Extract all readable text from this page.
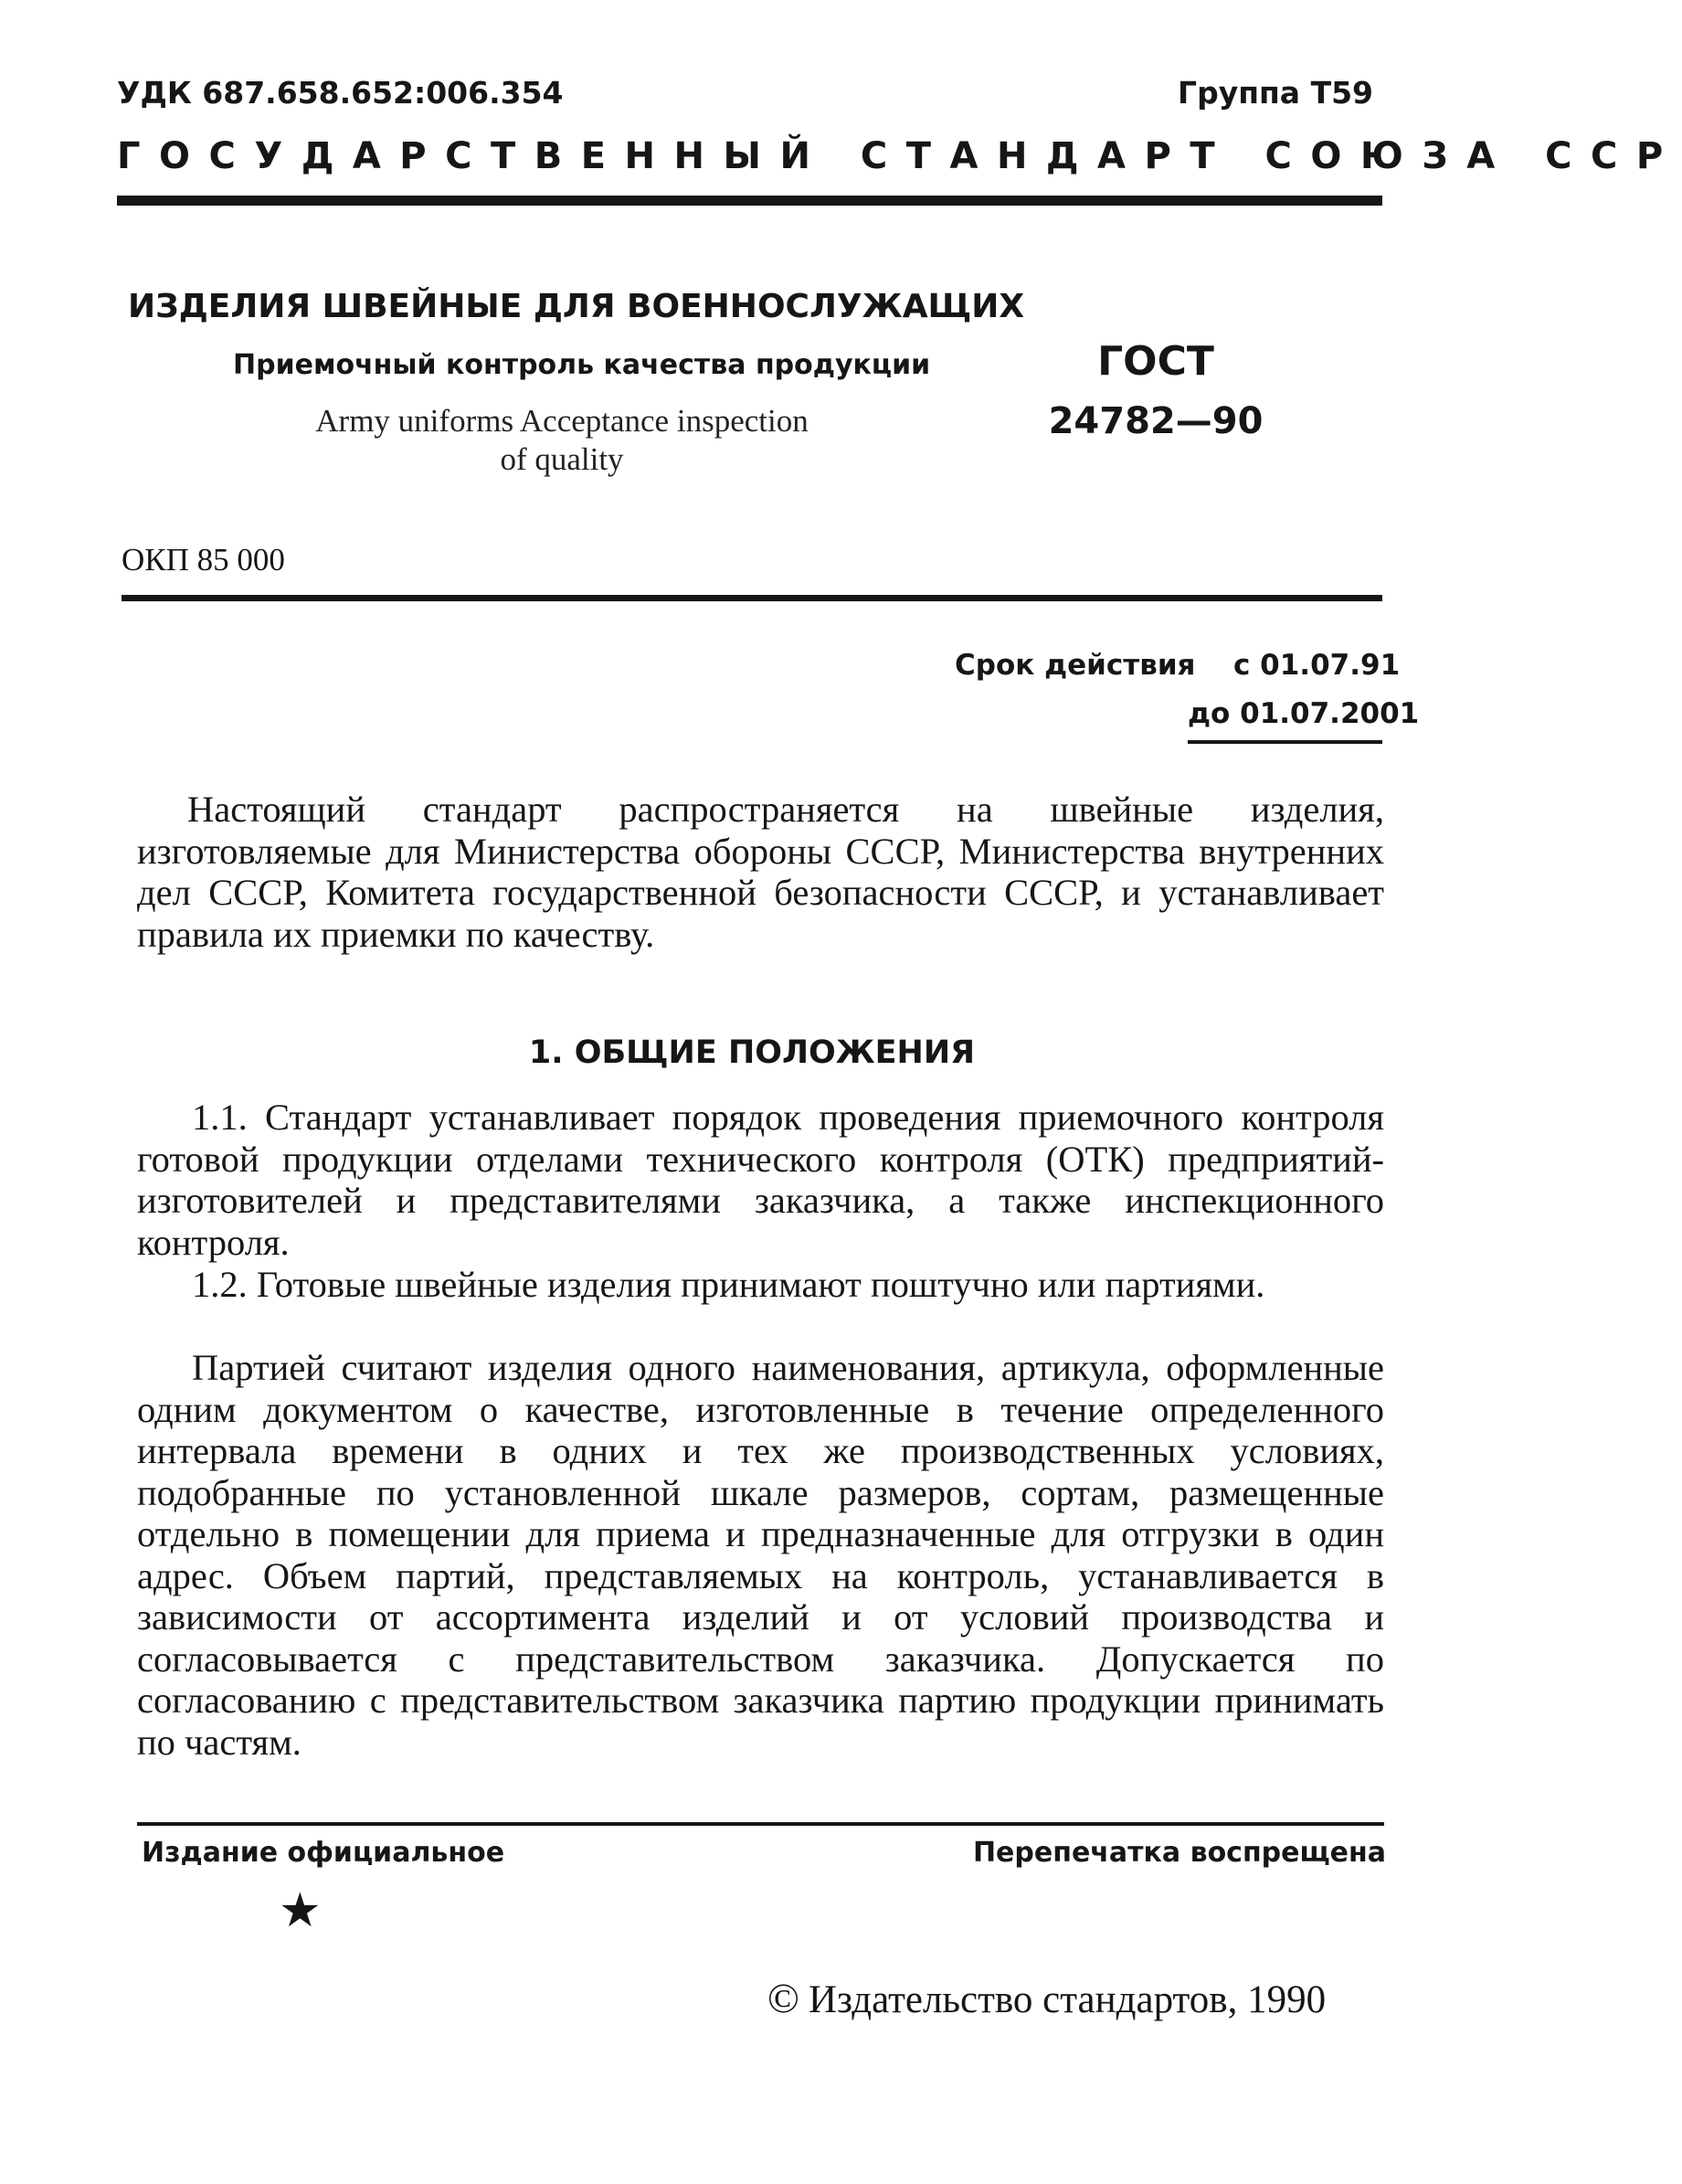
УДК 687.658.652:006.354	Группа Т59
ГОСУДАРСТВЕННЫЙ СТАНДАРТ СОЮЗА ССР
ИЗДЕЛИЯ ШВЕЙНЫЕ ДЛЯ ВОЕННОСЛУЖАЩИХ
Приемочный контроль качества продукции
Army uniforms Acceptance inspection
of quality
ГОСТ
24782—90
ОКП 85 000
Срок действия с 01.07.91
до 01.07.2001
Настоящий стандарт распространяется на швейные изделия, изготовляемые для Министерства обороны СССР, Министерства внутренних дел СССР, Комитета государственной безопасности СССР, и устанавливает правила их приемки по качеству.
1. ОБЩИЕ ПОЛОЖЕНИЯ
1.1. Стандарт устанавливает порядок проведения приемочного контроля готовой продукции отделами технического контроля (ОТК) предприятий-изготовителей и представителями заказчика, а также инспекционного контроля.
1.2. Готовые швейные изделия принимают поштучно или партиями.
Партией считают изделия одного наименования, артикула, оформленные одним документом о качестве, изготовленные в течение определенного интервала времени в одних и тех же производственных условиях, подобранные по установленной шкале размеров, сортам, размещенные отдельно в помещении для приема и предназначенные для отгрузки в один адрес. Объем партий, представляемых на контроль, устанавливается в зависимости от ассортимента изделий и от условий производства и согласовывается с представительством заказчика. Допускается по согласованию с представительством заказчика партию продукции принимать по частям.
Издание официальное	Перепечатка воспрещена
★
© Издательство стандартов, 1990
